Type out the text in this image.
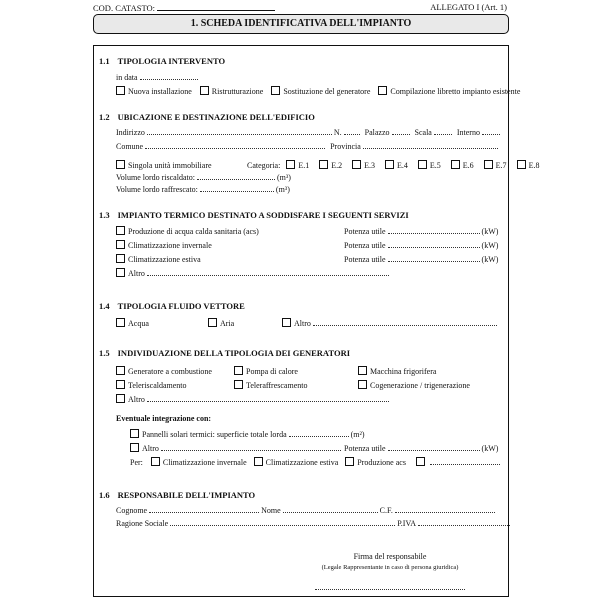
COD. CATASTO:	ALLEGATO I (Art. 1)
1. SCHEDA IDENTIFICATIVA DELL'IMPIANTO
1.1 TIPOLOGIA INTERVENTO
in data
Nuova installazione	Ristrutturazione	Sostituzione del generatore	Compilazione libretto impianto esistente
1.2 UBICAZIONE E DESTINAZIONE DELL'EDIFICIO
Indirizzo	N.	Palazzo	Scala	Interno
Comune	Provincia
Singola unità immobiliare	Categoria: E.1	E.2	E.3	E.4	E.5	E.6	E.7	E.8
Volume lordo riscaldato:	(m³)
Volume lordo raffrescato:	(m³)
1.3 IMPIANTO TERMICO DESTINATO A SODDISFARE I SEGUENTI SERVIZI
Produzione di acqua calda sanitaria (acs)	Potenza utile	(kW)
Climatizzazione invernale	Potenza utile	(kW)
Climatizzazione estiva	Potenza utile	(kW)
Altro
1.4 TIPOLOGIA FLUIDO VETTORE
Acqua	Aria	Altro
1.5 INDIVIDUAZIONE DELLA TIPOLOGIA DEI GENERATORI
Generatore a combustione	Pompa di calore	Macchina frigorifera
Teleriscaldamento	Teleraffrescamento	Cogenerazione / trigenerazione
Altro
Eventuale integrazione con:
Pannelli solari termici: superficie totale lorda	(m²)
Altro	Potenza utile	(kW)
Per:	Climatizzazione invernale Climatizzazione estiva Produzione acs
1.6 RESPONSABILE DELL'IMPIANTO
Cognome	Nome	C.F.
Ragione Sociale	P.IVA
Firma del responsabile
(Legale Rappresentante in caso di persona giuridica)
